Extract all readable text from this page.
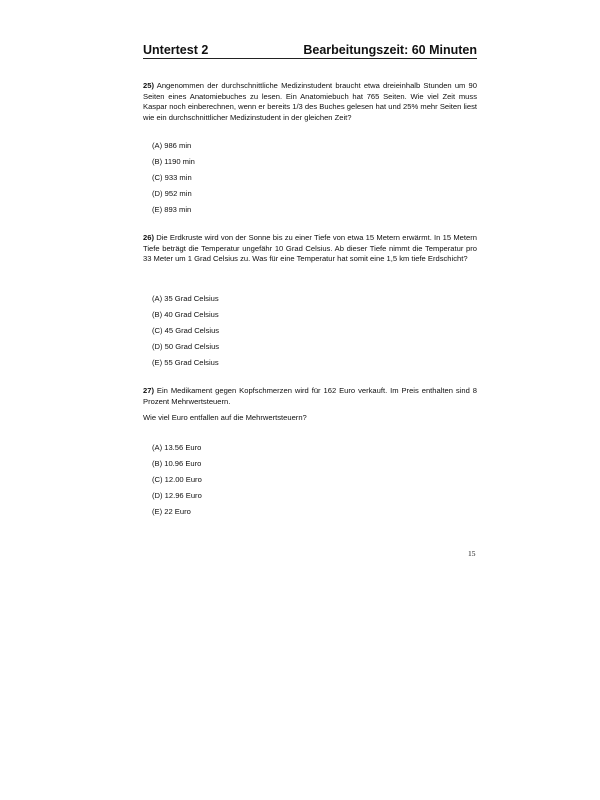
Untertest 2	Bearbeitungszeit: 60 Minuten
25) Angenommen der durchschnittliche Medizinstudent braucht etwa dreieinhalb Stunden um 90 Seiten eines Anatomiebuches zu lesen. Ein Anatomiebuch hat 765 Seiten. Wie viel Zeit muss Kaspar noch einberechnen, wenn er bereits 1/3 des Buches gelesen hat und 25% mehr Seiten liest wie ein durchschnittlicher Medizinstudent in der gleichen Zeit?
(A) 986 min
(B) 1190 min
(C) 933 min
(D) 952 min
(E) 893 min
26) Die Erdkruste wird von der Sonne bis zu einer Tiefe von etwa 15 Metern erwärmt. In 15 Metern Tiefe beträgt die Temperatur ungefähr 10 Grad Celsius. Ab dieser Tiefe nimmt die Temperatur pro 33 Meter um 1 Grad Celsius zu. Was für eine Temperatur hat somit eine 1,5 km tiefe Erdschicht?
(A) 35 Grad Celsius
(B) 40 Grad Celsius
(C) 45 Grad Celsius
(D) 50 Grad Celsius
(E) 55 Grad Celsius
27) Ein Medikament gegen Kopfschmerzen wird für 162 Euro verkauft. Im Preis enthalten sind 8 Prozent Mehrwertsteuern.
Wie viel Euro entfallen auf die Mehrwertsteuern?
(A) 13.56 Euro
(B) 10.96 Euro
(C) 12.00 Euro
(D) 12.96 Euro
(E) 22 Euro
15
